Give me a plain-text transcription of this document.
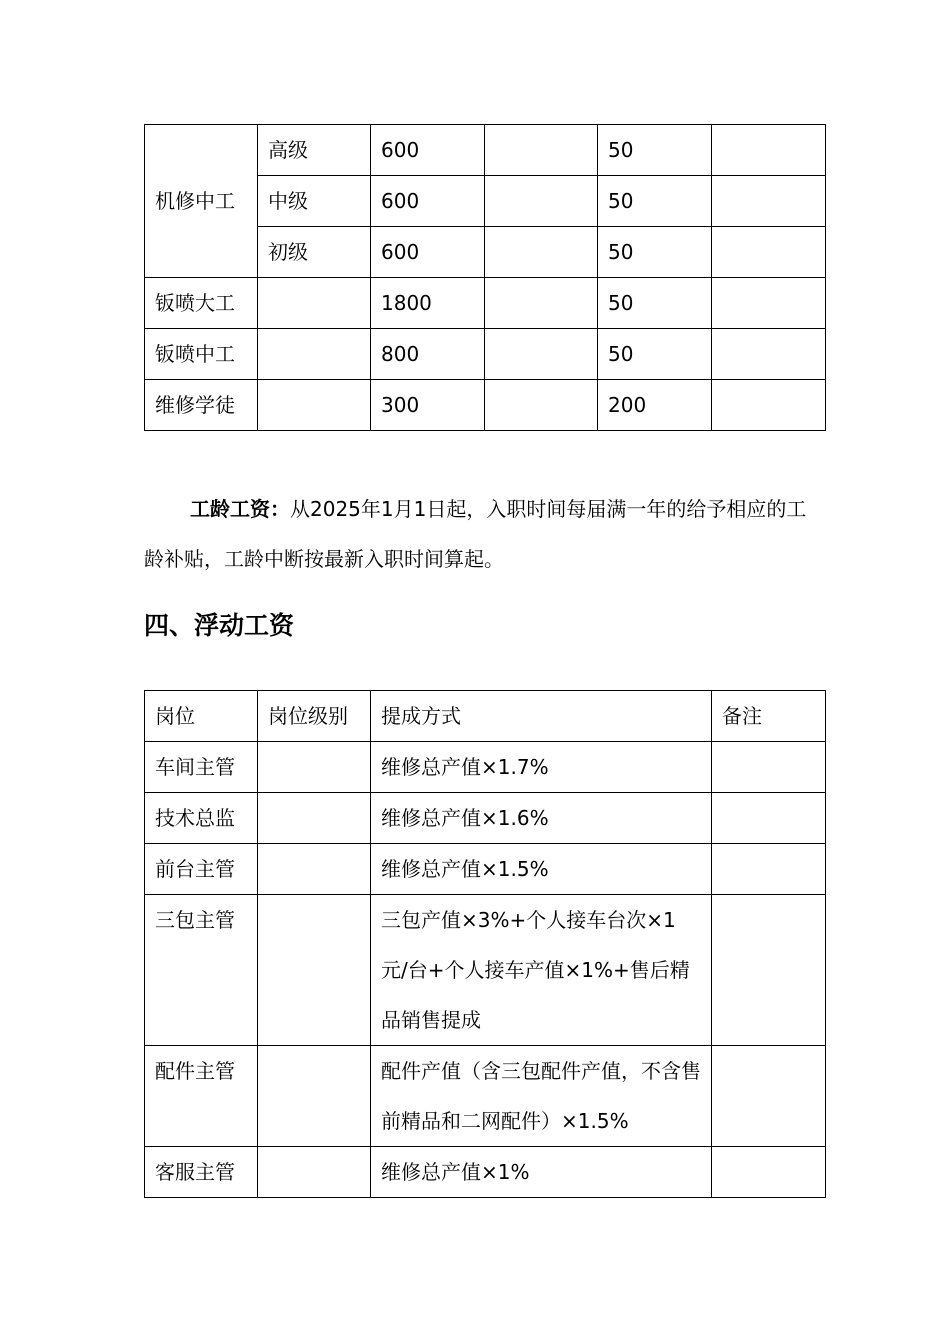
机修中工	高级	600		50	
	中级	600		50	
	初级	600		50	
钣喷大工		1800		50	
钣喷中工		800		50	
维修学徒		300		200	

工龄工资：从2025年1月1日起，入职时间每届满一年的给予相应的工龄补贴，工龄中断按最新入职时间算起。

四、浮动工资
岗位	岗位级别	提成方式	备注
车间主管		维修总产值×1.7%	
技术总监		维修总产值×1.6%	
前台主管		维修总产值×1.5%	
三包主管		三包产值×3%+个人接车台次×1元/台+个人接车产值×1%+售后精品销售提成	
配件主管		配件产值（含三包配件产值，不含售前精品和二网配件）×1.5%	
客服主管		维修总产值×1%	
